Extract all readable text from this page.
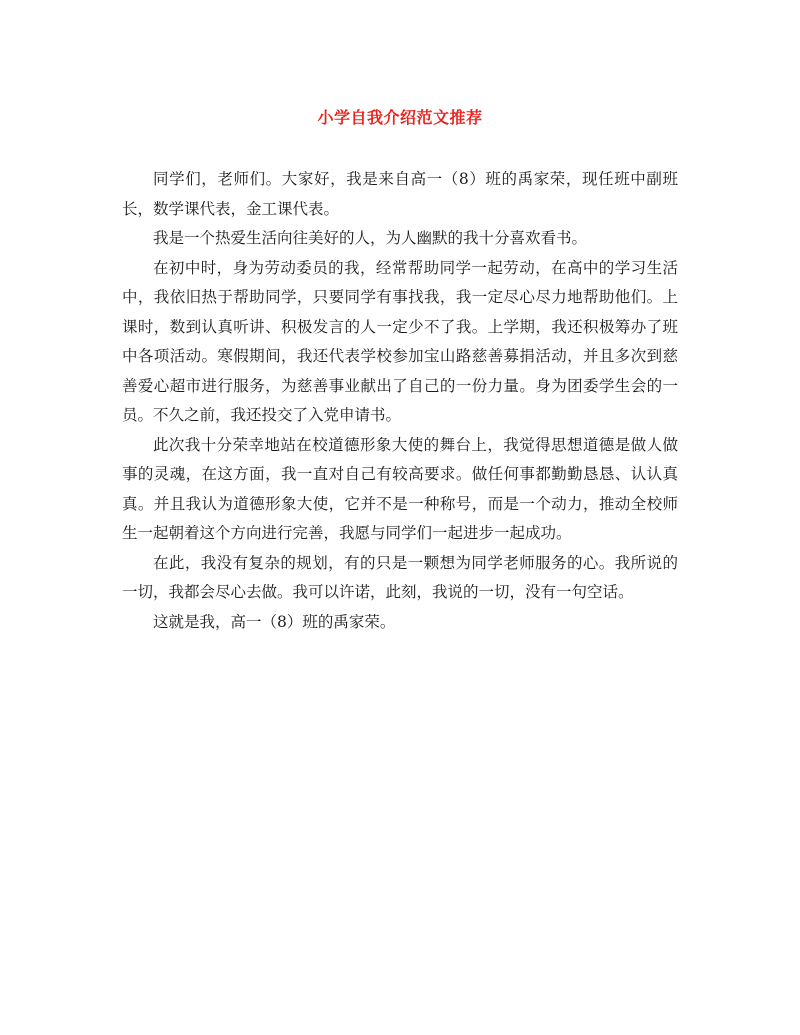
小学自我介绍范文推荐

同学们，老师们。大家好，我是来自高一（8）班的禹家荣，现任班中副班长，数学课代表，金工课代表。

我是一个热爱生活向往美好的人，为人幽默的我十分喜欢看书。

在初中时，身为劳动委员的我，经常帮助同学一起劳动，在高中的学习生活中，我依旧热于帮助同学，只要同学有事找我，我一定尽心尽力地帮助他们。上课时，数到认真听讲、积极发言的人一定少不了我。上学期，我还积极筹办了班中各项活动。寒假期间，我还代表学校参加宝山路慈善募捐活动，并且多次到慈善爱心超市进行服务，为慈善事业献出了自己的一份力量。身为团委学生会的一员。不久之前，我还投交了入党申请书。

此次我十分荣幸地站在校道德形象大使的舞台上，我觉得思想道德是做人做事的灵魂，在这方面，我一直对自己有较高要求。做任何事都勤勤恳恳、认认真真。并且我认为道德形象大使，它并不是一种称号，而是一个动力，推动全校师生一起朝着这个方向进行完善，我愿与同学们一起进步一起成功。

在此，我没有复杂的规划，有的只是一颗想为同学老师服务的心。我所说的一切，我都会尽心去做。我可以许诺，此刻，我说的一切，没有一句空话。

这就是我，高一（8）班的禹家荣。
